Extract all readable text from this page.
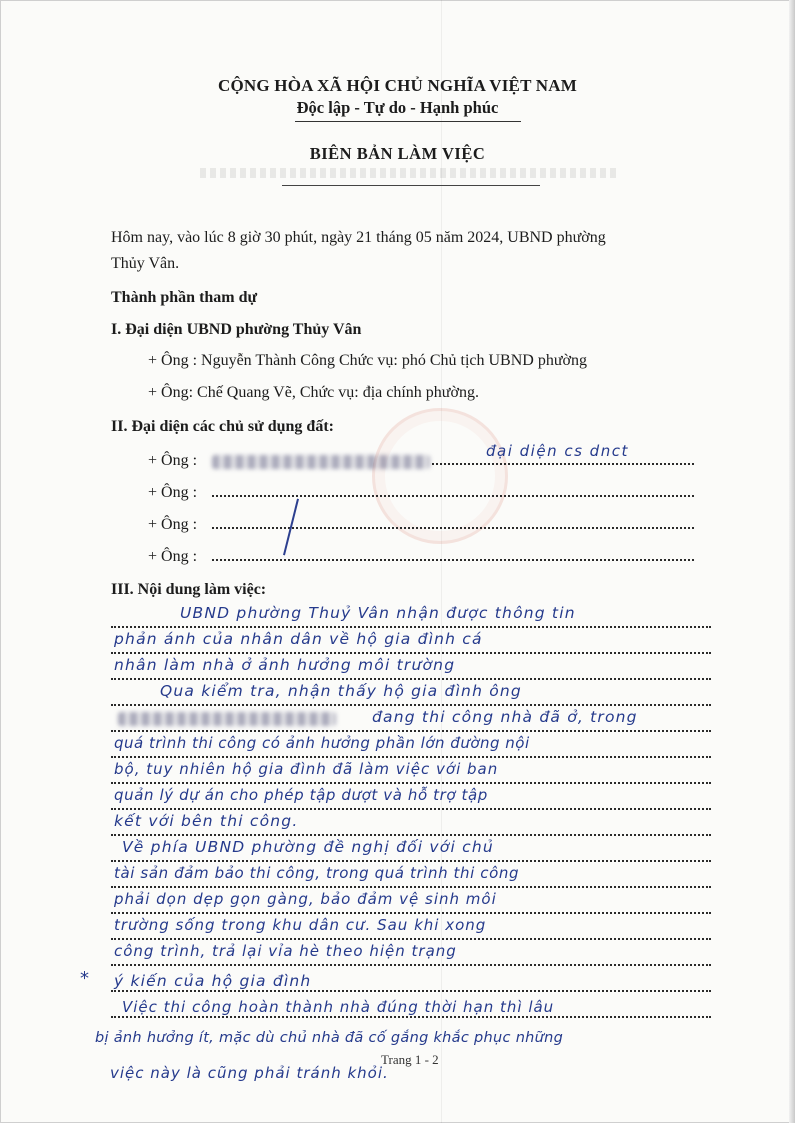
CỘNG HÒA XÃ HỘI CHỦ NGHĨA VIỆT NAM
Độc lập - Tự do - Hạnh phúc
BIÊN BẢN LÀM VIỆC
Hôm nay, vào lúc 8 giờ 30 phút, ngày 21 tháng 05 năm 2024, UBND phường
Thủy Vân.
Thành phần tham dự
I. Đại diện UBND phường Thủy Vân
+ Ông : Nguyễn Thành Công Chức vụ: phó Chủ tịch UBND phường
+ Ông: Chế Quang Vẽ, Chức vụ: địa chính phường.
II. Đại diện các chủ sử dụng đất:
+ Ông :
đại diện cs dnct
+ Ông :
+ Ông :
+ Ông :
III. Nội dung làm việc:
UBND phường Thuỷ Vân nhận được thông tin
phản ánh của nhân dân về hộ gia đình cá
nhân làm nhà ở ảnh hưởng môi trường
Qua kiểm tra, nhận thấy hộ gia đình ông
đang thi công nhà đã ở, trong
quá trình thi công có ảnh hưởng phần lớn đường nội
bộ, tuy nhiên hộ gia đình đã làm việc với ban
quản lý dự án cho phép tập dượt và hỗ trợ tập
kết với bên thi công.
Về phía UBND phường đề nghị đối với chủ
tài sản đảm bảo thi công, trong quá trình thi công
phải dọn dẹp gọn gàng, bảo đảm vệ sinh môi
trường sống trong khu dân cư. Sau khi xong
công trình, trả lại vỉa hè theo hiện trạng
* ý kiến của hộ gia đình
Việc thi công hoàn thành nhà đúng thời hạn thì lâu
bị ảnh hưởng ít, mặc dù chủ nhà đã cố gắng khắc phục những
việc này là cũng phải tránh khỏi.
Trang 1 - 2
